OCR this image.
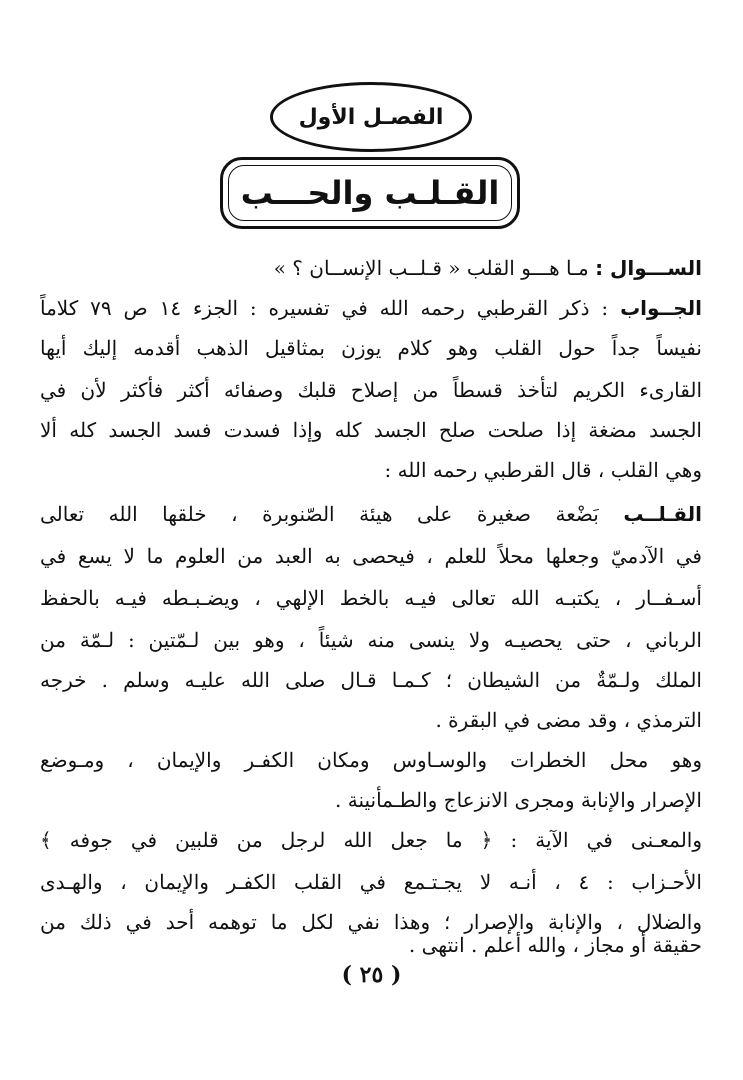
الفصـل الأول
القـلـب والحـــب
الســـوال : مـا هـــو القلب « قـلــب الإنســان ؟ »
الجــواب : ذكر القرطبي رحمه الله في تفسيره : الجزء ١٤ ص ٧٩ كلاماً
نفيساً جداً حول القلب وهو كلام يوزن بمثاقيل الذهب أقدمه إليك أيها
القارىء الكريم لتأخذ قسطاً من إصلاح قلبك وصفائه أكثر فأكثر لأن في
الجسد مضغة إذا صلحت صلح الجسد كله وإذا فسدت فسد الجسد كله ألا
وهي القلب ، قال القرطبي رحمه الله :
القـلــب بَضْعة صغيرة على هيئة الصّنوبرة ، خلقها الله تعالى
في الآدميّ وجعلها محلاً للعلم ، فيحصى به العبد من العلوم ما لا يسع في
أسـفــار ، يكتبـه الله تعالى فيـه بالخط الإلهي ، ويضـبـطه فيـه بالحفظ
الرباني ، حتى يحصيـه ولا ينسى منه شيئاً ، وهو بين لـمّتين : لـمّة من
الملك ولـمّةٌ من الشيطان ؛ كـمـا قـال صلى الله عليـه وسلم . خرجه
الترمذي ، وقد مضى في البقرة .
وهو محل الخطرات والوسـاوس ومكان الكفـر والإيمان ، ومـوضع
الإصرار والإنابة ومجرى الانزعاج والطـمأنينة .
والمعـنى في الآية : ﴿ ما جعل الله لرجل من قلبين في جوفه ﴾
الأحـزاب : ٤ ، أنـه لا يجـتـمع في القلب الكفـر والإيمان ، والهـدى
والضلال ، والإنابة والإصرار ؛ وهذا نفي لكل ما توهمه أحد في ذلك من
حقيقة أو مجاز ، والله أعلم . انتهى .
( ٢٥ )
